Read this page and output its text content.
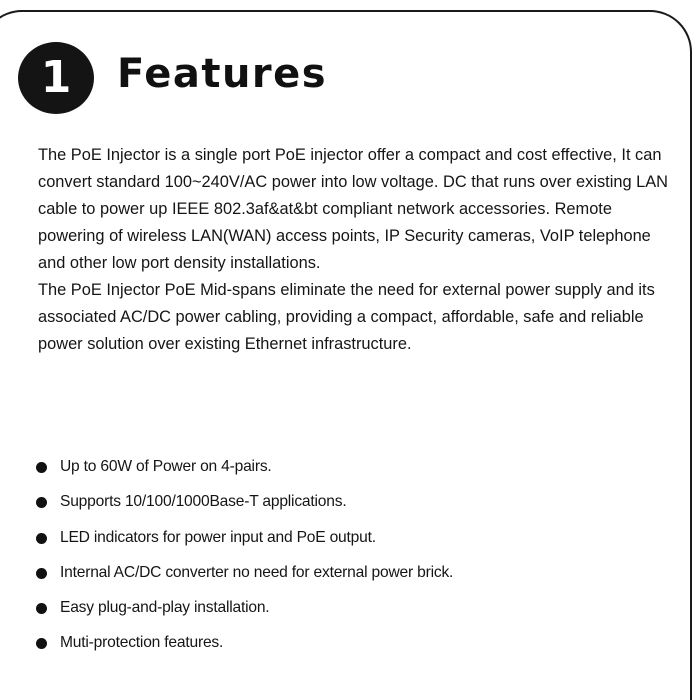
1	Features

The PoE Injector is a single port PoE injector offer a compact and cost effective, It can convert standard 100~240V/AC power into low voltage. DC that runs over existing LAN cable to power up IEEE 802.3af&at&bt compliant network accessories. Remote powering of wireless LAN(WAN) access points, IP Security cameras, VoIP telephone and other low port density installations.

The PoE Injector PoE Mid-spans eliminate the need for external power supply and its associated AC/DC power cabling, providing a compact, affordable, safe and reliable power solution over existing Ethernet infrastructure.

Up to 60W of Power on 4-pairs.
Supports 10/100/1000Base-T applications.
LED indicators for power input and PoE output.
Internal AC/DC converter no need for external power brick.
Easy plug-and-play installation.
Muti-protection features.
